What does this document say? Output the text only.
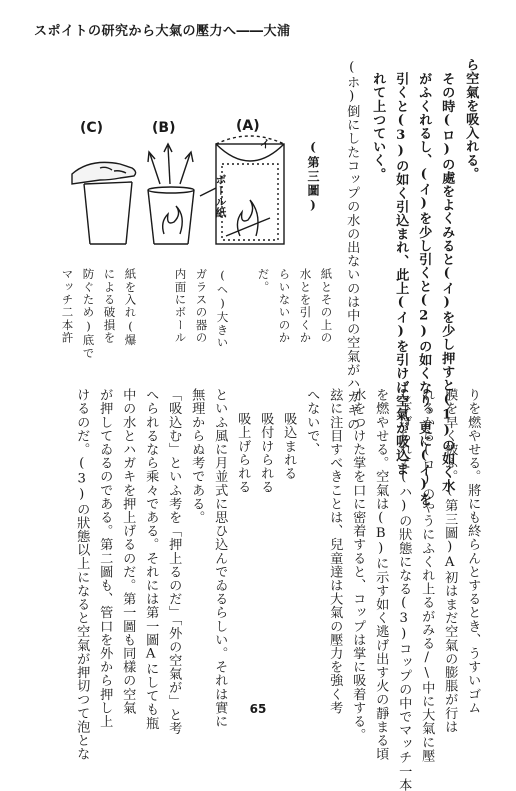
スポイトの研究から大氣の壓力へ――大浦
ら空氣を吸入れる。
その時(ロ)の處をよくみると(イ)を少し押すと(1)の如く水
がふくれるし、(イ)を少し引くと(2)の如くなり、更に(イ)を
引くと(3)の如く引込まれ、此上(イ)を引けば空氣が吸込ま
れて上つていく。
(ホ)倒にしたコップの水の出ないのは中の空氣がハガキの
紙とその上の
水とを引くか
らいないのか
だ。
(ヘ)大きい
ガラスの器の
内面にボール
紙を入れ(爆
による破損を
防ぐため)底で
マッチ二本許
(第三圖)
(C)	(B)	(A)
イ
ボール紙
りを燃やせる。將にも終らんとするとき、うすいゴム
膜を早く被ふ。(第三圖)A初はまだ空氣の膨脹が行は
れるから(ロ)のやうにふくれ上るがみる/\中に大氣に壓
し下げられて(ハ)の狀態になる(3)コップの中でマッチ一本
を燃やせる。空氣は(B)に示す如く逃げ出す火の靜まる頃
水をつけた掌を口に密着すると、コップは掌に吸着する。
玆に注目すべきことは、兒童達は大氣の壓力を強く考
へないで、
吸込まれる
吸付けられる
吸上げられる
といふ風に月並式に思ひ込んでゐるらしい。それは實に
無理からぬ考である。
「吸込む」といふ考を「押上るのだ」「外の空氣が」と考
へられるなら乘々である。それには第一圖Aにしても瓶
中の水とハガキを押上げるのだ。第一圖も同樣の空氣
が押してゐるのである。第二圖も、管口を外から押し上
けるのだ。(3)の狀態以上になると空氣が押切つて泡とな	65
